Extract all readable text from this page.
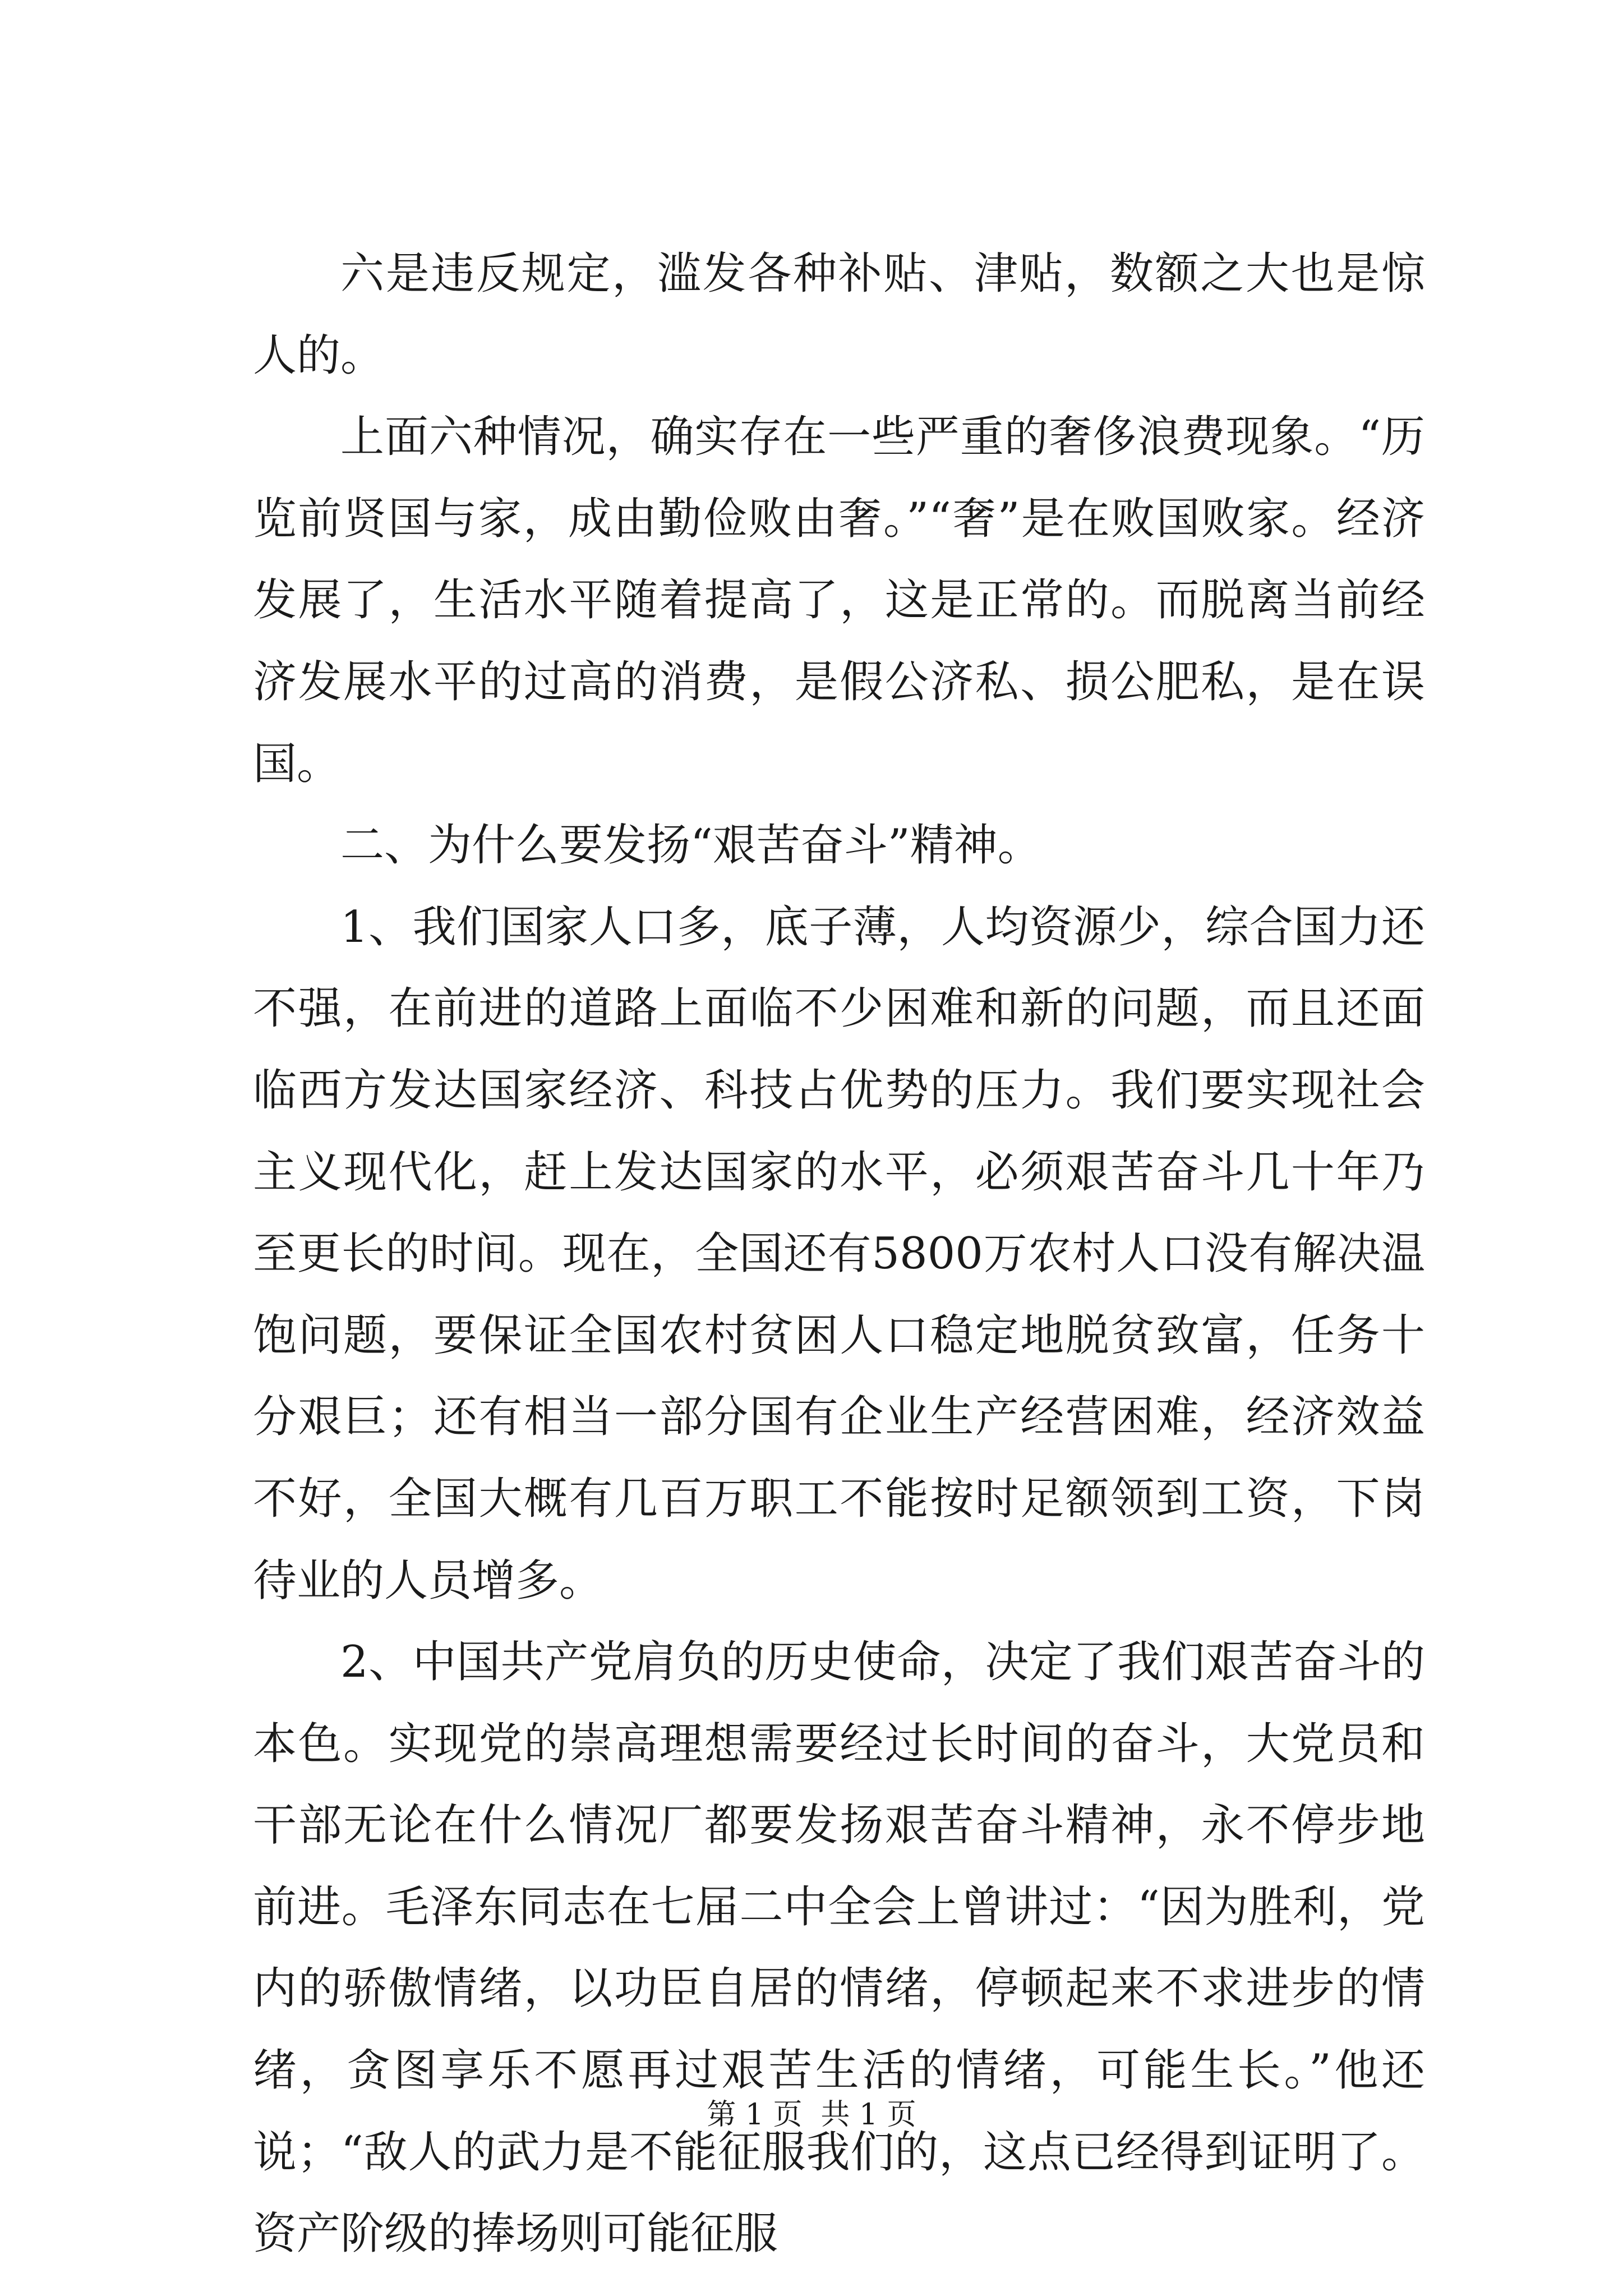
六是违反规定，滥发各种补贴、津贴，数额之大也是惊人的。

上面六种情况，确实存在一些严重的奢侈浪费现象。“历览前贤国与家，成由勤俭败由奢。”“奢”是在败国败家。经济发展了，生活水平随着提高了，这是正常的。而脱离当前经济发展水平的过高的消费，是假公济私、损公肥私，是在误国。

二、为什么要发扬“艰苦奋斗”精神。

1、我们国家人口多，底子薄，人均资源少，综合国力还不强，在前进的道路上面临不少困难和新的问题，而且还面临西方发达国家经济、科技占优势的压力。我们要实现社会主义现代化，赶上发达国家的水平，必须艰苦奋斗几十年乃至更长的时间。现在，全国还有5800万农村人口没有解决温饱问题，要保证全国农村贫困人口稳定地脱贫致富，任务十分艰巨；还有相当一部分国有企业生产经营困难，经济效益不好，全国大概有几百万职工不能按时足额领到工资，下岗待业的人员增多。

2、中国共产党肩负的历史使命，决定了我们艰苦奋斗的本色。实现党的崇高理想需要经过长时间的奋斗，大党员和干部无论在什么情况厂都要发扬艰苦奋斗精神，永不停步地前进。毛泽东同志在七届二中全会上曾讲过：“因为胜利，党内的骄傲情绪，以功臣自居的情绪，停顿起来不求进步的情绪，贪图享乐不愿再过艰苦生活的情绪，可能生长。”他还说；“敌人的武力是不能征服我们的，这点已经得到证明了。资产阶级的捧场则可能征服

第 1 页  共 1 页
